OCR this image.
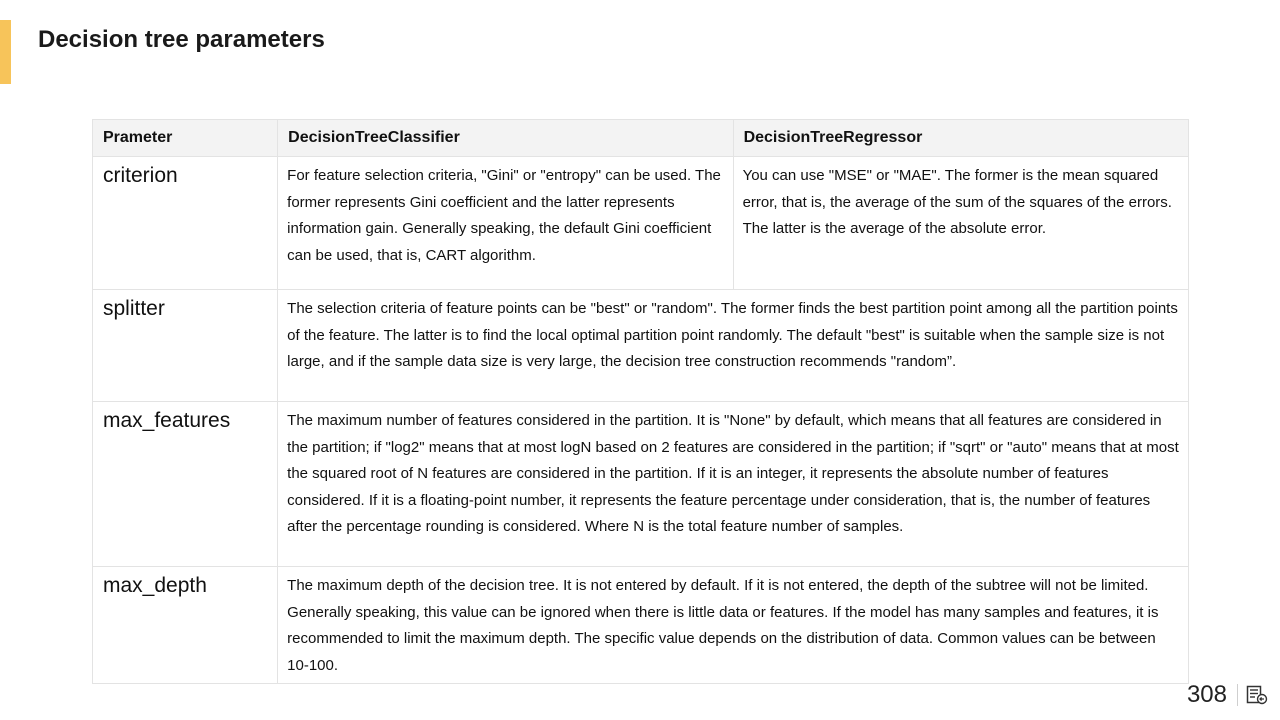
Decision tree parameters
Prameter	DecisionTreeClassifier	DecisionTreeRegressor
criterion	For feature selection criteria, "Gini" or "entropy" can be used. The former represents Gini coefficient and the latter represents information gain. Generally speaking, the default Gini coefficient can be used, that is, CART algorithm.	You can use "MSE" or "MAE". The former is the mean squared error, that is, the average of the sum of the squares of the errors. The latter is the average of the absolute error.
splitter	The selection criteria of feature points can be "best" or "random". The former finds the best partition point among all the partition points of the feature. The latter is to find the local optimal partition point randomly. The default "best" is suitable when the sample size is not large, and if the sample data size is very large, the decision tree construction recommends "random”.	
max_features	The maximum number of features considered in the partition. It is "None" by default, which means that all features are considered in the partition; if "log2" means that at most logN based on 2 features are considered in the partition; if "sqrt" or "auto" means that at most the squared root of N features are considered in the partition. If it is an integer, it represents the absolute number of features considered. If it is a floating-point number, it represents the feature percentage under consideration, that is, the number of features after the percentage rounding is considered. Where N is the total feature number of samples.	
max_depth	The maximum depth of the decision tree. It is not entered by default. If it is not entered, the depth of the subtree will not be limited. Generally speaking, this value can be ignored when there is little data or features. If the model has many samples and features, it is recommended to limit the maximum depth. The specific value depends on the distribution of data. Common values can be between 10-100.	
308
